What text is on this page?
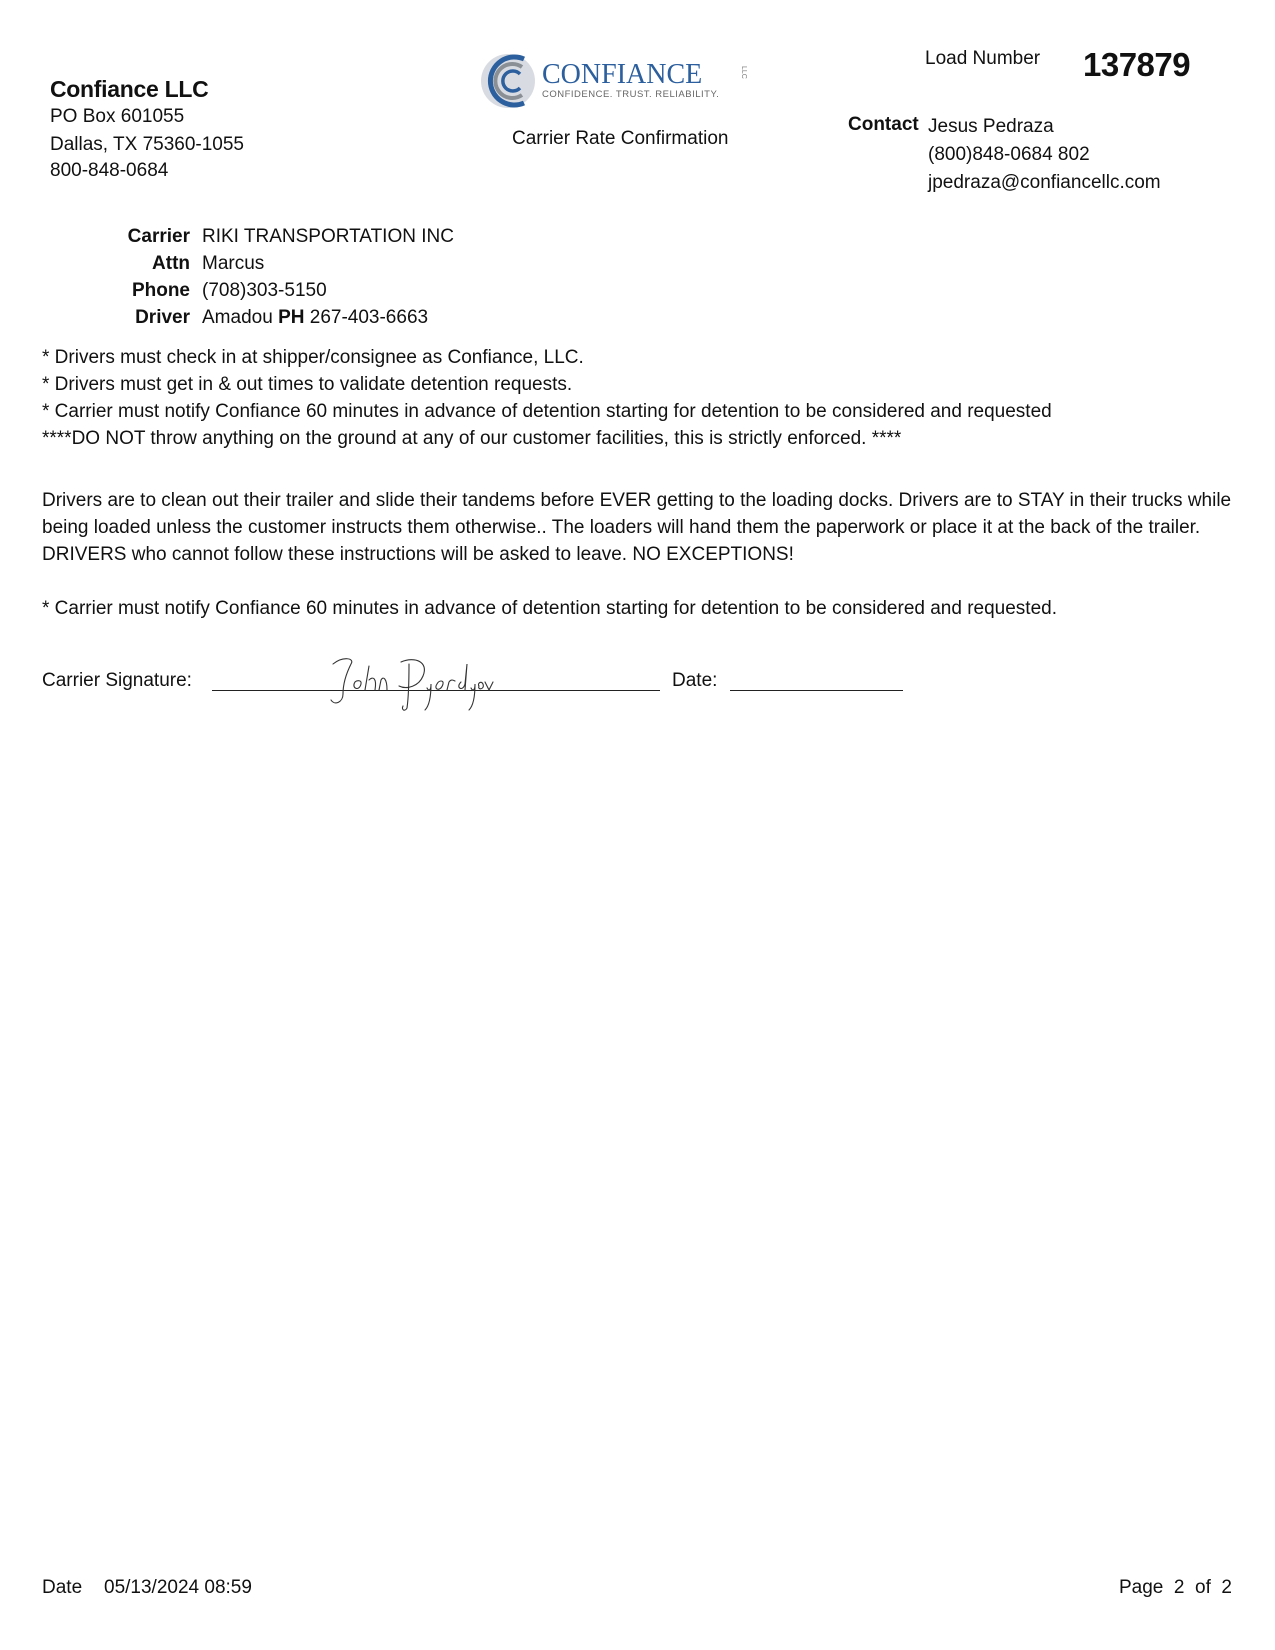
Confiance LLC
PO Box 601055
Dallas, TX 75360-1055
800-848-0684
CONFIANCE
CONFIDENCE. TRUST. RELIABILITY.
LLC
Carrier Rate Confirmation
Load Number 137879
Contact Jesus Pedraza
(800)848-0684 802
jpedraza@confiancellc.com
Carrier RIKI TRANSPORTATION INC
Attn Marcus
Phone (708)303-5150
Driver Amadou PH 267-403-6663
* Drivers must check in at shipper/consignee as Confiance, LLC.
* Drivers must get in & out times to validate detention requests.
* Carrier must notify Confiance 60 minutes in advance of detention starting for detention to be considered and requested
****DO NOT throw anything on the ground at any of our customer facilities, this is strictly enforced. ****
Drivers are to clean out their trailer and slide their tandems before EVER getting to the loading docks. Drivers are to STAY in their trucks while being loaded unless the customer instructs them otherwise.. The loaders will hand them the paperwork or place it at the back of the trailer. DRIVERS who cannot follow these instructions will be asked to leave. NO EXCEPTIONS!
* Carrier must notify Confiance 60 minutes in advance of detention starting for detention to be considered and requested.
Carrier Signature:	Date:
Date 05/13/2024 08:59	Page  2  of  2
